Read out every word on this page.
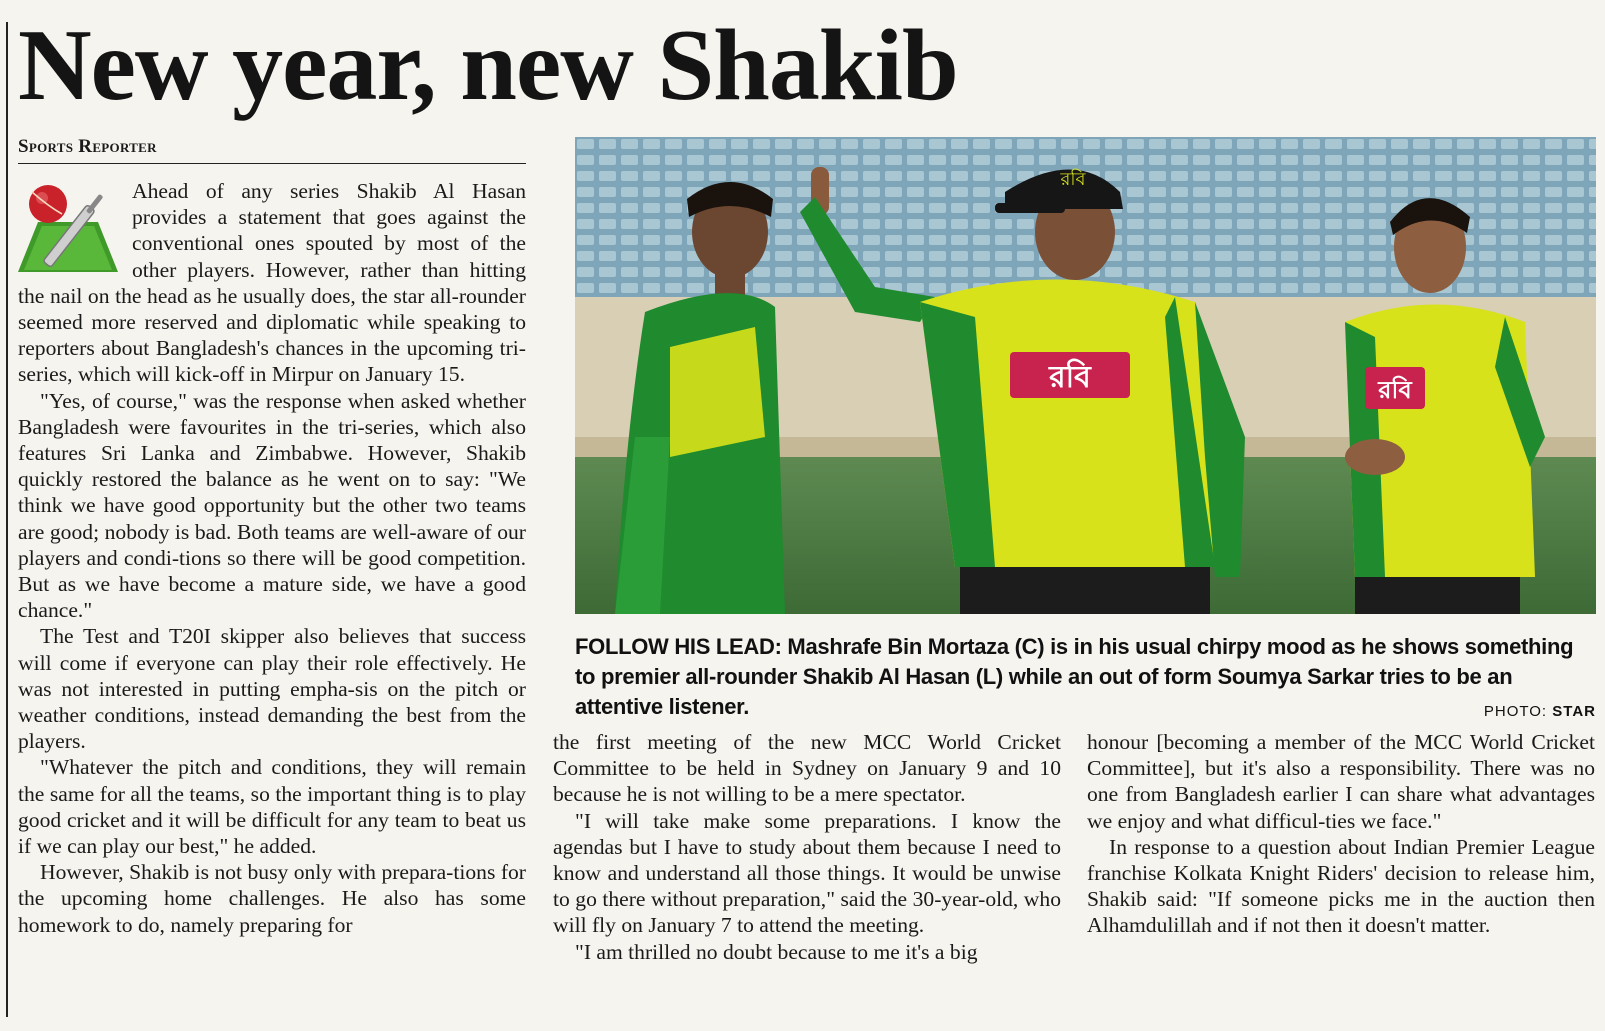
New year, new Shakib
Sports Reporter

Ahead of any series Shakib Al Hasan provides a statement that goes against the conventional ones spouted by most of the other players. However, rather than hitting the nail on the head as he usually does, the star all-rounder seemed more reserved and diplomatic while speaking to reporters about Bangladesh's chances in the upcoming tri-series, which will kick-off in Mirpur on January 15.

"Yes, of course," was the response when asked whether Bangladesh were favourites in the tri-series, which also features Sri Lanka and Zimbabwe. However, Shakib quickly restored the balance as he went on to say: "We think we have good opportunity but the other two teams are good; nobody is bad. Both teams are well-aware of our players and condi-tions so there will be good competition. But as we have become a mature side, we have a good chance."

The Test and T20I skipper also believes that success will come if everyone can play their role effectively. He was not interested in putting empha-sis on the pitch or weather conditions, instead demanding the best from the players.

"Whatever the pitch and conditions, they will remain the same for all the teams, so the important thing is to play good cricket and it will be difficult for any team to beat us if we can play our best," he added.

However, Shakib is not busy only with prepara-tions for the upcoming home challenges. He also has some homework to do, namely preparing for

রবি
রবি	রবি
FOLLOW HIS LEAD: Mashrafe Bin Mortaza (C) is in his usual chirpy mood as he shows something to premier all-rounder Shakib Al Hasan (L) while an out of form Soumya Sarkar tries to be an attentive listener.	PHOTO: STAR

the first meeting of the new MCC World Cricket Committee to be held in Sydney on January 9 and 10 because he is not willing to be a mere spectator.

"I will take make some preparations. I know the agendas but I have to study about them because I need to know and understand all those things. It would be unwise to go there without preparation," said the 30-year-old, who will fly on January 7 to attend the meeting.

"I am thrilled no doubt because to me it's a big

honour [becoming a member of the MCC World Cricket Committee], but it's also a responsibility. There was no one from Bangladesh earlier I can share what advantages we enjoy and what difficul-ties we face."

In response to a question about Indian Premier League franchise Kolkata Knight Riders' decision to release him, Shakib said: "If someone picks me in the auction then Alhamdulillah and if not then it doesn't matter.
